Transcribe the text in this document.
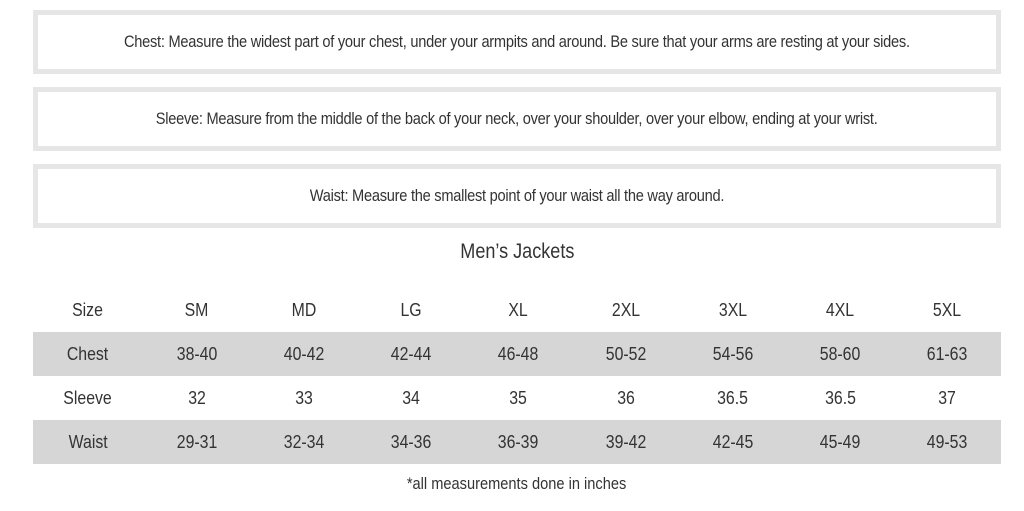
Chest: Measure the widest part of your chest, under your armpits and around. Be sure that your arms are resting at your sides.
Sleeve: Measure from the middle of the back of your neck, over your shoulder, over your elbow, ending at your wrist.
Waist: Measure the smallest point of your waist all the way around.
Men’s Jackets
Size	SM	MD	LG	XL	2XL	3XL	4XL	5XL
Chest	38-40	40-42	42-44	46-48	50-52	54-56	58-60	61-63
Sleeve	32	33	34	35	36	36.5	36.5	37
Waist	29-31	32-34	34-36	36-39	39-42	42-45	45-49	49-53
*all measurements done in inches
